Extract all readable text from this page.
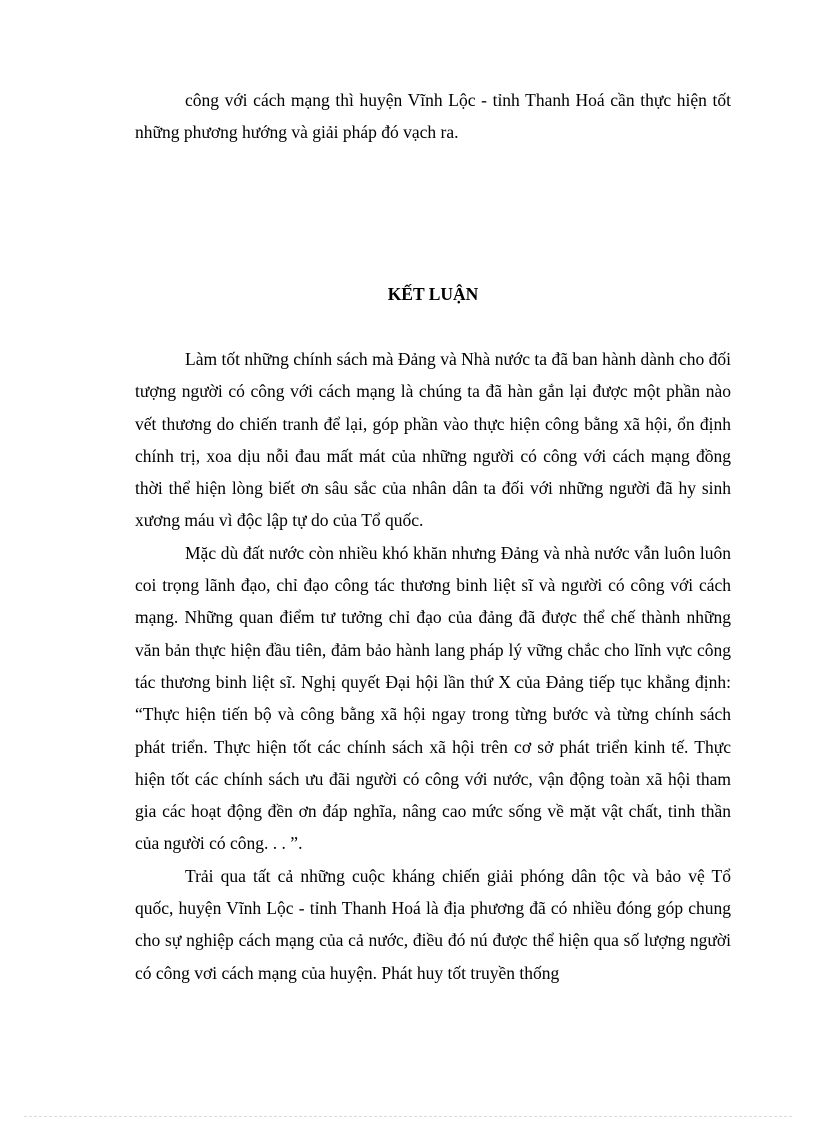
công với cách mạng thì huyện Vĩnh Lộc - tỉnh Thanh Hoá cần thực hiện tốt những phương hướng và giải pháp đó vạch ra.

KẾT LUẬN

Làm tốt những chính sách mà Đảng và Nhà nước ta đã ban hành dành cho đối tượng người có công với cách mạng là chúng ta đã hàn gắn lại được một phần nào vết thương do chiến tranh để lại, góp phần vào thực hiện công bằng xã hội, ổn định chính trị, xoa dịu nỗi đau mất mát của những người có công với cách mạng đồng thời thể hiện lòng biết ơn sâu sắc của nhân dân ta đối với những người đã hy sinh xương máu vì độc lập tự do của Tổ quốc.

Mặc dù đất nước còn nhiều khó khăn nhưng Đảng và nhà nước vẫn luôn luôn coi trọng lãnh đạo, chỉ đạo công tác thương binh liệt sĩ và người có công với cách mạng. Những quan điểm tư tưởng chỉ đạo của đảng đã được thể chế thành những văn bản thực hiện đầu tiên, đảm bảo hành lang pháp lý vững chắc cho lĩnh vực công tác thương binh liệt sĩ. Nghị quyết Đại hội lần thứ X của Đảng tiếp tục khẳng định: “Thực hiện tiến bộ và công bằng xã hội ngay trong từng bước và từng chính sách phát triển. Thực hiện tốt các chính sách xã hội trên cơ sở phát triển kinh tế. Thực hiện tốt các chính sách ưu đãi người có công với nước, vận động toàn xã hội tham gia các hoạt động đền ơn đáp nghĩa, nâng cao mức sống về mặt vật chất, tinh thần của người có công. . . ”.

Trải qua tất cả những cuộc kháng chiến giải phóng dân tộc và bảo vệ Tổ quốc, huyện Vĩnh Lộc - tỉnh Thanh Hoá là địa phương đã có nhiều đóng góp chung cho sự nghiệp cách mạng của cả nước, điều đó nú được thể hiện qua số lượng người có công vơi cách mạng của huyện. Phát huy tốt truyền thống
